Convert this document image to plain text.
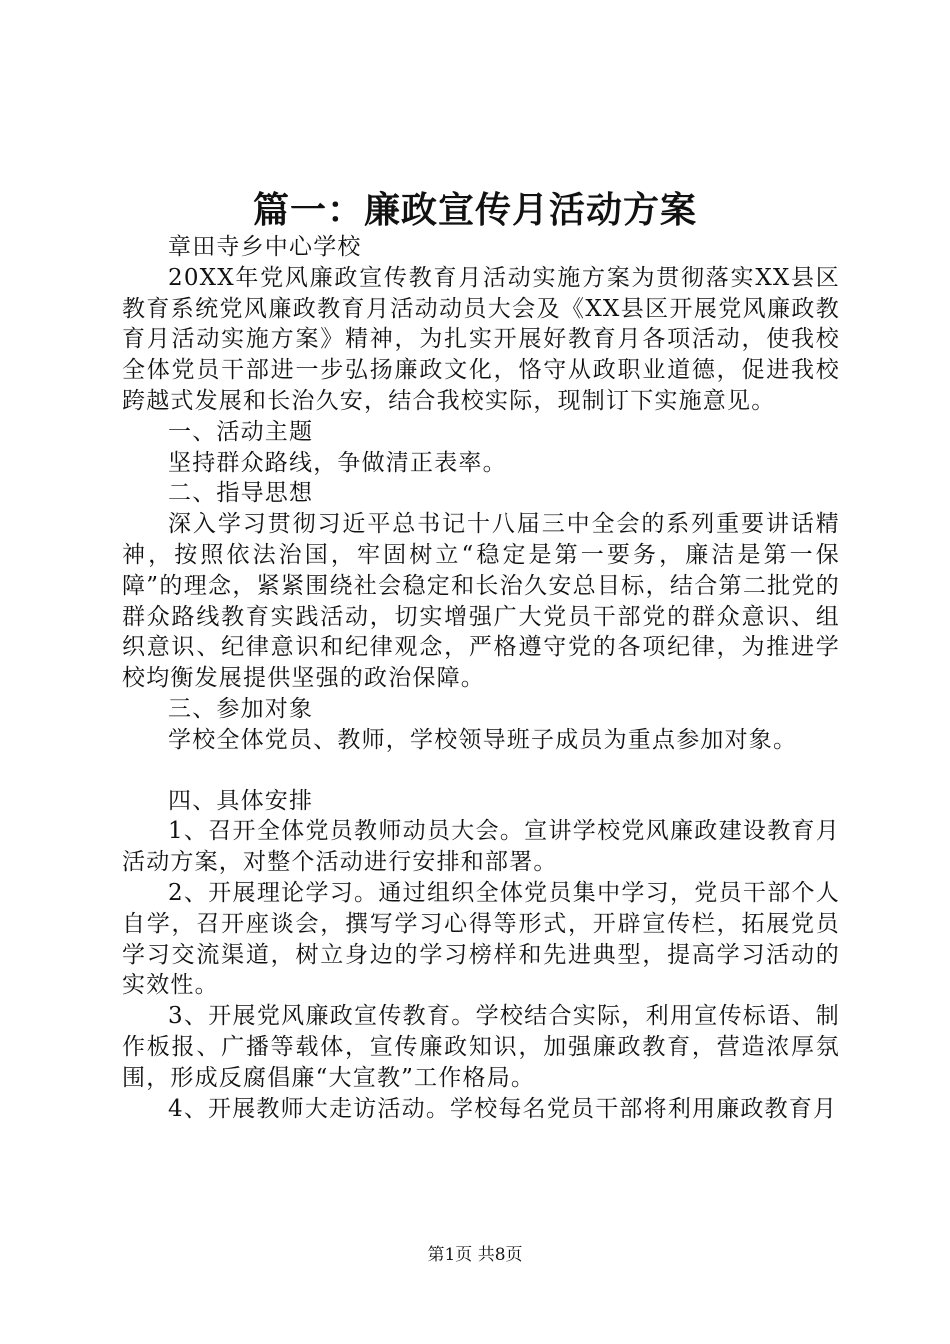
篇一：廉政宣传月活动方案

章田寺乡中心学校

20XX年党风廉政宣传教育月活动实施方案为贯彻落实XX县区教育系统党风廉政教育月活动动员大会及《XX县区开展党风廉政教育月活动实施方案》精神，为扎实开展好教育月各项活动，使我校全体党员干部进一步弘扬廉政文化，恪守从政职业道德，促进我校跨越式发展和长治久安，结合我校实际，现制订下实施意见。

一、活动主题

坚持群众路线，争做清正表率。

二、指导思想

深入学习贯彻习近平总书记十八届三中全会的系列重要讲话精神，按照依法治国，牢固树立“稳定是第一要务，廉洁是第一保障”的理念，紧紧围绕社会稳定和长治久安总目标，结合第二批党的群众路线教育实践活动，切实增强广大党员干部党的群众意识、组织意识、纪律意识和纪律观念，严格遵守党的各项纪律，为推进学校均衡发展提供坚强的政治保障。

三、参加对象

学校全体党员、教师，学校领导班子成员为重点参加对象。

四、具体安排

1、召开全体党员教师动员大会。宣讲学校党风廉政建设教育月活动方案，对整个活动进行安排和部署。

2、开展理论学习。通过组织全体党员集中学习，党员干部个人自学，召开座谈会，撰写学习心得等形式，开辟宣传栏，拓展党员学习交流渠道，树立身边的学习榜样和先进典型，提高学习活动的实效性。

3、开展党风廉政宣传教育。学校结合实际，利用宣传标语、制作板报、广播等载体，宣传廉政知识，加强廉政教育，营造浓厚氛围，形成反腐倡廉“大宣教”工作格局。

4、开展教师大走访活动。学校每名党员干部将利用廉政教育月

第1页 共8页
